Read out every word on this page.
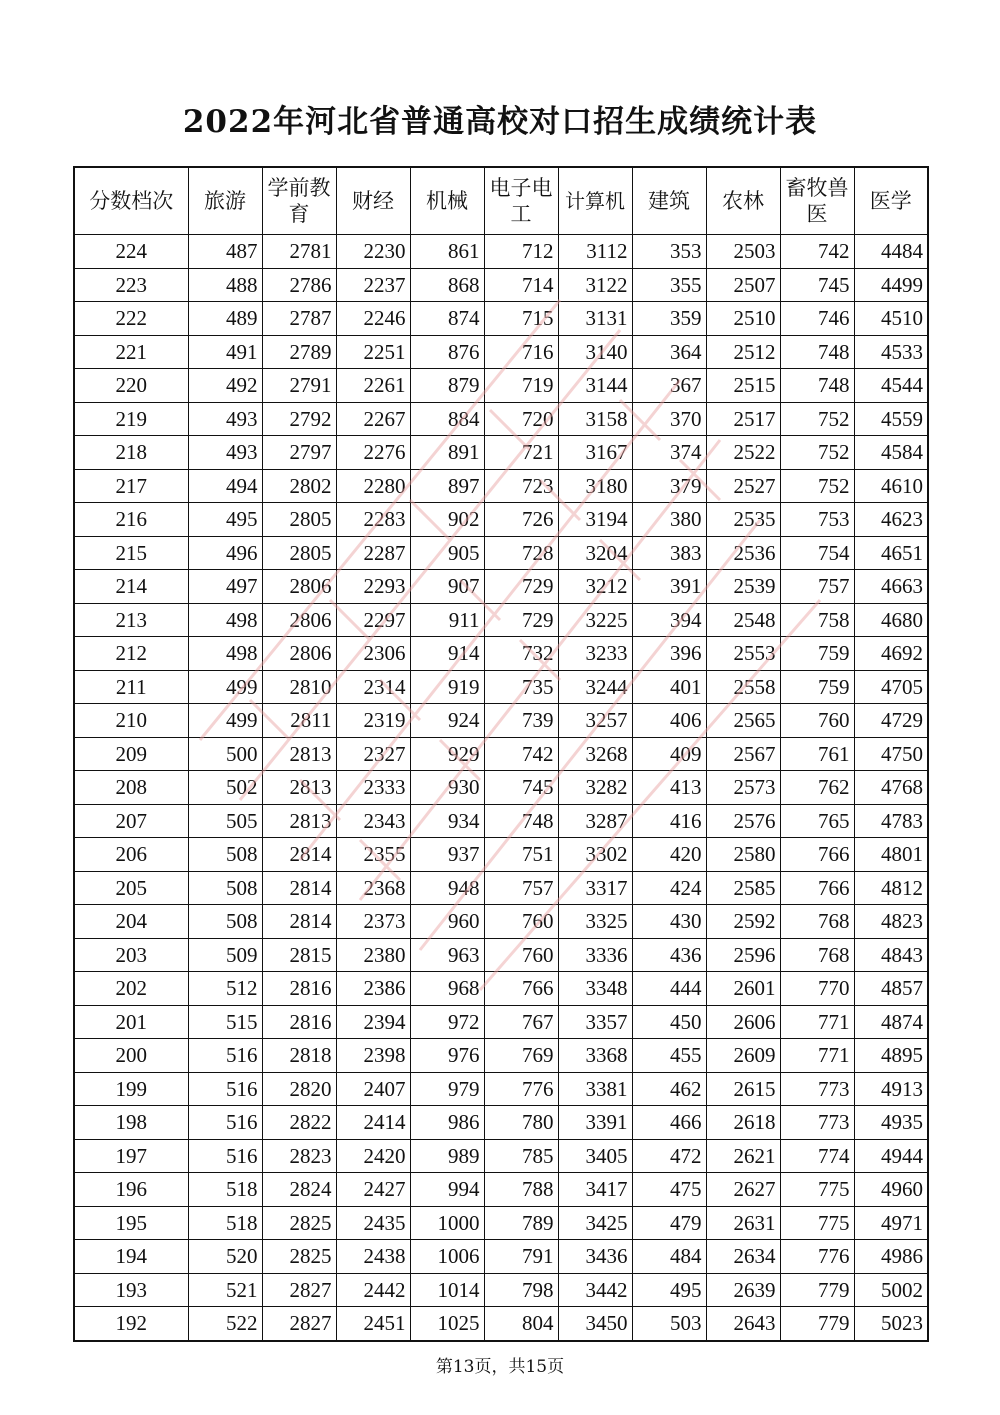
2022年河北省普通高校对口招生成绩统计表
分数档次	旅游	学前教育	财经	机械	电子电工	计算机	建筑	农林	畜牧兽医	医学
224	487	2781	2230	861	712	3112	353	2503	742	4484
223	488	2786	2237	868	714	3122	355	2507	745	4499
222	489	2787	2246	874	715	3131	359	2510	746	4510
221	491	2789	2251	876	716	3140	364	2512	748	4533
220	492	2791	2261	879	719	3144	367	2515	748	4544
219	493	2792	2267	884	720	3158	370	2517	752	4559
218	493	2797	2276	891	721	3167	374	2522	752	4584
217	494	2802	2280	897	723	3180	379	2527	752	4610
216	495	2805	2283	902	726	3194	380	2535	753	4623
215	496	2805	2287	905	728	3204	383	2536	754	4651
214	497	2806	2293	907	729	3212	391	2539	757	4663
213	498	2806	2297	911	729	3225	394	2548	758	4680
212	498	2806	2306	914	732	3233	396	2553	759	4692
211	499	2810	2314	919	735	3244	401	2558	759	4705
210	499	2811	2319	924	739	3257	406	2565	760	4729
209	500	2813	2327	929	742	3268	409	2567	761	4750
208	502	2813	2333	930	745	3282	413	2573	762	4768
207	505	2813	2343	934	748	3287	416	2576	765	4783
206	508	2814	2355	937	751	3302	420	2580	766	4801
205	508	2814	2368	948	757	3317	424	2585	766	4812
204	508	2814	2373	960	760	3325	430	2592	768	4823
203	509	2815	2380	963	760	3336	436	2596	768	4843
202	512	2816	2386	968	766	3348	444	2601	770	4857
201	515	2816	2394	972	767	3357	450	2606	771	4874
200	516	2818	2398	976	769	3368	455	2609	771	4895
199	516	2820	2407	979	776	3381	462	2615	773	4913
198	516	2822	2414	986	780	3391	466	2618	773	4935
197	516	2823	2420	989	785	3405	472	2621	774	4944
196	518	2824	2427	994	788	3417	475	2627	775	4960
195	518	2825	2435	1000	789	3425	479	2631	775	4971
194	520	2825	2438	1006	791	3436	484	2634	776	4986
193	521	2827	2442	1014	798	3442	495	2639	779	5002
192	522	2827	2451	1025	804	3450	503	2643	779	5023
第13页，共15页
